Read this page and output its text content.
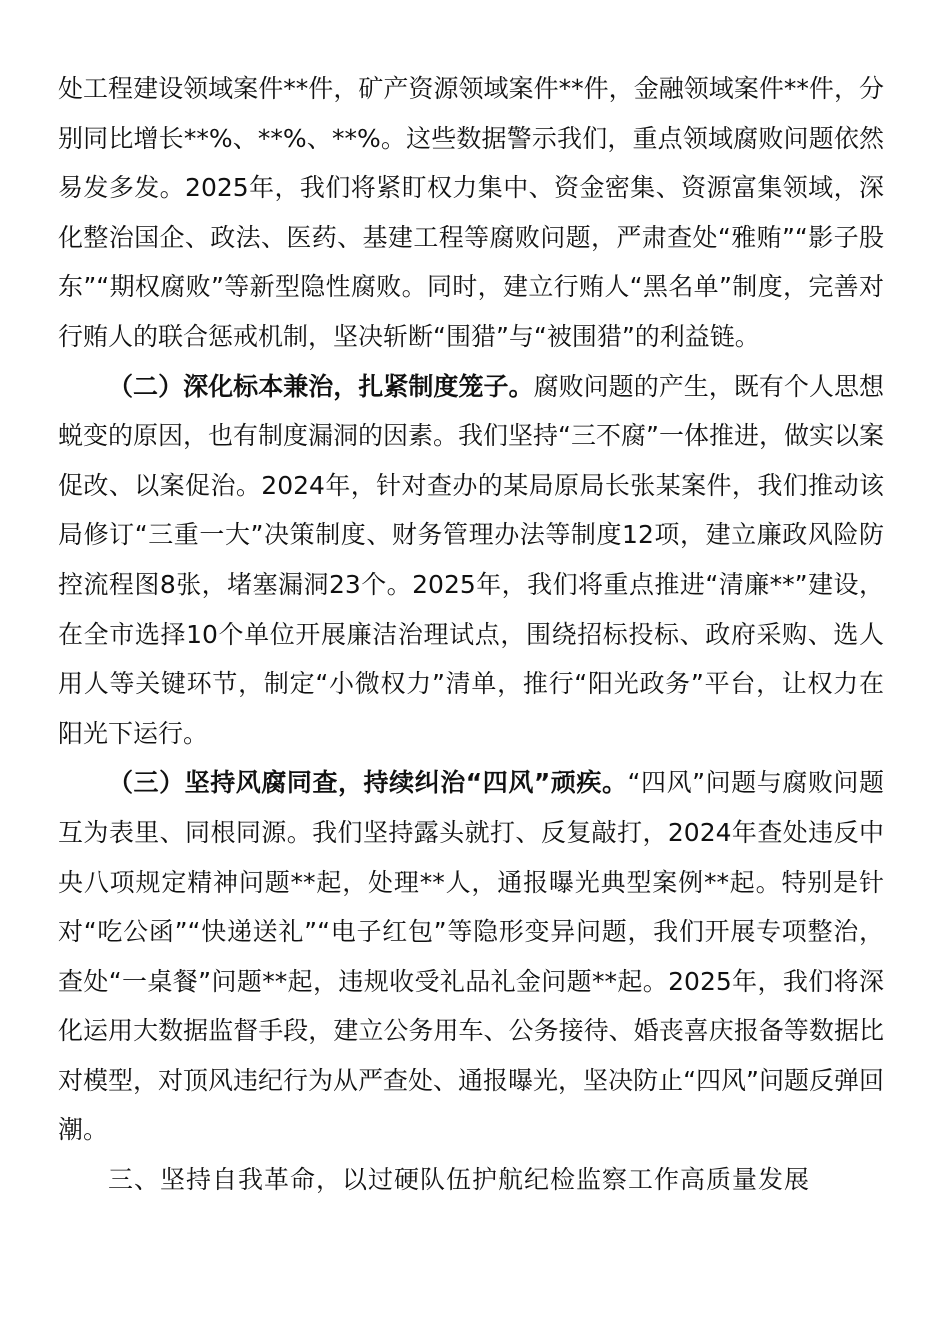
处工程建设领域案件**件，矿产资源领域案件**件，金融领域案件**件，分别同比增长**%、**%、**%。这些数据警示我们，重点领域腐败问题依然易发多发。2025年，我们将紧盯权力集中、资金密集、资源富集领域，深化整治国企、政法、医药、基建工程等腐败问题，严肃查处“雅贿”“影子股东”“期权腐败”等新型隐性腐败。同时，建立行贿人“黑名单”制度，完善对行贿人的联合惩戒机制，坚决斩断“围猎”与“被围猎”的利益链。

（二）深化标本兼治，扎紧制度笼子。腐败问题的产生，既有个人思想蜕变的原因，也有制度漏洞的因素。我们坚持“三不腐”一体推进，做实以案促改、以案促治。2024年，针对查办的某局原局长张某案件，我们推动该局修订“三重一大”决策制度、财务管理办法等制度12项，建立廉政风险防控流程图8张，堵塞漏洞23个。2025年，我们将重点推进“清廉**”建设，在全市选择10个单位开展廉洁治理试点，围绕招标投标、政府采购、选人用人等关键环节，制定“小微权力”清单，推行“阳光政务”平台，让权力在阳光下运行。

（三）坚持风腐同查，持续纠治“四风”顽疾。“四风”问题与腐败问题互为表里、同根同源。我们坚持露头就打、反复敲打，2024年查处违反中央八项规定精神问题**起，处理**人，通报曝光典型案例**起。特别是针对“吃公函”“快递送礼”“电子红包”等隐形变异问题，我们开展专项整治，查处“一桌餐”问题**起，违规收受礼品礼金问题**起。2025年，我们将深化运用大数据监督手段，建立公务用车、公务接待、婚丧喜庆报备等数据比对模型，对顶风违纪行为从严查处、通报曝光，坚决防止“四风”问题反弹回潮。

三、坚持自我革命，以过硬队伍护航纪检监察工作高质量发展
